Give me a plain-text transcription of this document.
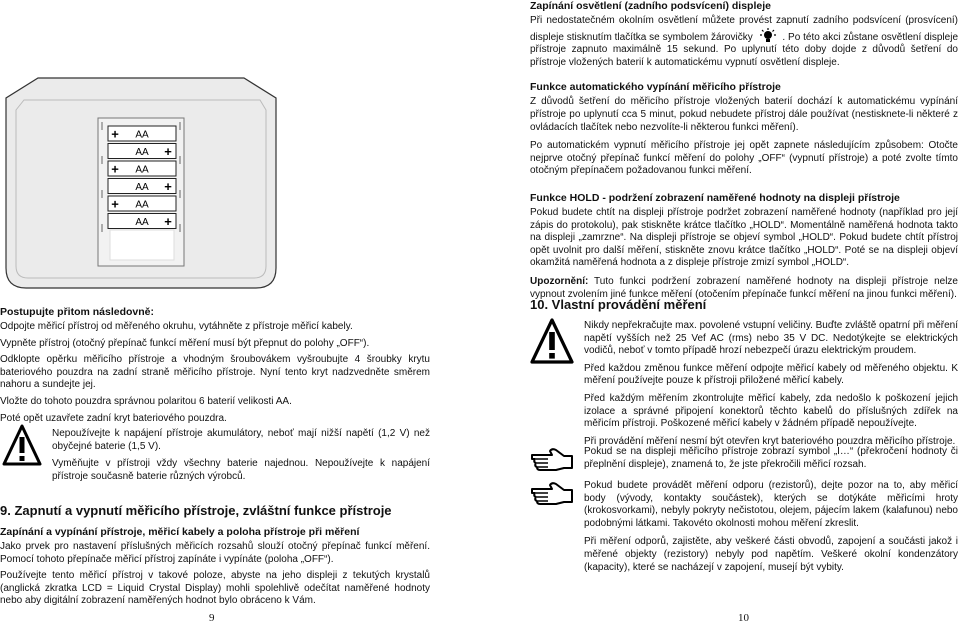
AA
+
AA +
AA
+
AA +
AA
+
AA +

Postupujte přitom následovně:

Odpojte měřicí přístroj od měřeného okruhu, vytáhněte z přístroje měřicí kabely.

Vypněte přístroj (otočný přepínač funkcí měření musí být přepnut do polohy „OFF“).

Odklopte opěrku měřicího přístroje a vhodným šroubovákem vyšroubujte 4 šroubky krytu bateriového pouzdra na zadní straně měřicího přístroje. Nyní tento kryt nadzvedněte směrem nahoru a sundejte jej.

Vložte do tohoto pouzdra správnou polaritou 6 baterií velikosti AA.

Poté opět uzavřete zadní kryt bateriového pouzdra.

Nepoužívejte k napájení přístroje akumulátory, neboť mají nižší napětí (1,2 V) než obyčejné baterie (1,5 V).

Vyměňujte v přístroji vždy všechny baterie najednou. Nepoužívejte k napájení přístroje současně baterie různých výrobců.

9. Zapnutí a vypnutí měřicího přístroje, zvláštní funkce přístroje

Zapínání a vypínání přístroje, měřicí kabely a poloha přístroje při měření

Jako prvek pro nastavení příslušných měřicích rozsahů slouží otočný přepínač funkcí měření. Pomocí tohoto přepínače měřicí přístroj zapínáte i vypínáte (poloha „OFF“).

Používejte tento měřicí přístroj v takové poloze, abyste na jeho displeji z tekutých krystalů (anglická zkratka LCD = Liquid Crystal Display) mohli spolehlivě odečítat naměřené hodnoty nebo aby digitální zobrazení naměřených hodnot bylo obráceno k Vám.

9

Zapínání osvětlení (zadního podsvícení) displeje

Při nedostatečném okolním osvětlení můžete provést zapnutí zadního podsvícení (prosvícení) displeje stisknutím tlačítka se symbolem žárovičky	. Po této akci zůstane osvětlení displeje přístroje zapnuto maximálně 15 sekund. Po uplynutí této doby dojde z důvodů šetření do přístroje vložených baterií k automatickému vypnutí osvětlení displeje.

Funkce automatického vypínání měřicího přístroje

Z důvodů šetření do měřicího přístroje vložených baterií dochází k automatickému vypínání přístroje po uplynutí cca 5 minut, pokud nebudete přístroj dále používat (nestisknete-li některé z ovládacích tlačítek nebo nezvolíte-li některou funkci měření).

Po automatickém vypnutí měřicího přístroje jej opět zapnete následujícím způsobem: Otočte nejprve otočný přepínač funkcí měření do polohy „OFF“ (vypnutí přístroje) a poté zvolte tímto otočným přepínačem požadovanou funkci měření.

Funkce HOLD - podržení zobrazení naměřené hodnoty na displeji přístroje

Pokud budete chtít na displeji přístroje podržet zobrazení naměřené hodnoty (například pro její zápis do protokolu), pak stiskněte krátce tlačítko „HOLD“. Momentálně naměřená hodnota takto na displeji „zamrzne“. Na displeji přístroje se objeví symbol „HOLD“. Pokud budete chtít přístroj opět uvolnit pro další měření, stiskněte znovu krátce tlačítko „HOLD“. Poté se na displeji objeví okamžitá naměřená hodnota a z displeje přístroje zmizí symbol „HOLD“.

Upozornění: Tuto funkci podržení zobrazení naměřené hodnoty na displeji přístroje nelze vypnout zvolením jiné funkce měření (otočením přepínače funkcí měření na jinou funkci měření).

10. Vlastní provádění měření

Nikdy nepřekračujte max. povolené vstupní veličiny. Buďte zvláště opatrní při měření napětí vyšších než 25 Vef AC (rms) nebo 35 V DC. Nedotýkejte se elektrických vodičů, neboť v tomto případě hrozí nebezpečí úrazu elektrickým proudem.

Před každou změnou funkce měření odpojte měřicí kabely od měřeného objektu. K měření používejte pouze k přístroji přiložené měřicí kabely.

Před každým měřením zkontrolujte měřicí kabely, zda nedošlo k poškození jejich izolace a správné připojení konektorů těchto kabelů do příslušných zdířek na měřicím přístroji. Poškozené měřicí kabely v žádném případě nepoužívejte.

Při provádění měření nesmí být otevřen kryt bateriového pouzdra měřicího přístroje.

Pokud se na displeji měřicího přístroje zobrazí symbol „I…“ (překročení hodnoty či přeplnění displeje), znamená to, že jste překročili měřicí rozsah.

Pokud budete provádět měření odporu (rezistorů), dejte pozor na to, aby měřicí body (vývody, kontakty součástek), kterých se dotýkáte měřicími hroty (krokosvorkami), nebyly pokryty nečistotou, olejem, pájecím lakem (kalafunou) nebo podobnými látkami. Takovéto okolnosti mohou měření zkreslit.

Při měření odporů, zajistěte, aby veškeré části obvodů, zapojení a součásti jakož i měřené objekty (rezistory) nebyly pod napětím. Veškeré okolní kondenzátory (kapacity), které se nacházejí v zapojení, musejí být vybity.

10
